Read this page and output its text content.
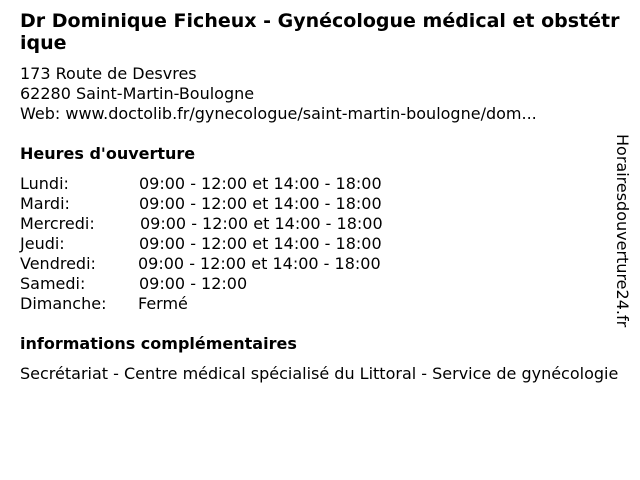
Dr Dominique Ficheux - Gynécologue médical et obstétrique
173 Route de Desvres
62280 Saint-Martin-Boulogne
Web: www.doctolib.fr/gynecologue/saint-martin-boulogne/dom...
Heures d'ouverture
Lundi:	09:00 - 12:00 et 14:00 - 18:00
Mardi:	09:00 - 12:00 et 14:00 - 18:00
Mercredi:	09:00 - 12:00 et 14:00 - 18:00
Jeudi:	09:00 - 12:00 et 14:00 - 18:00
Vendredi:	09:00 - 12:00 et 14:00 - 18:00
Samedi:	09:00 - 12:00
Dimanche: Fermé
informations complémentaires
Secrétariat - Centre médical spécialisé du Littoral - Service de gynécologie
Horairesdouverture24.fr
